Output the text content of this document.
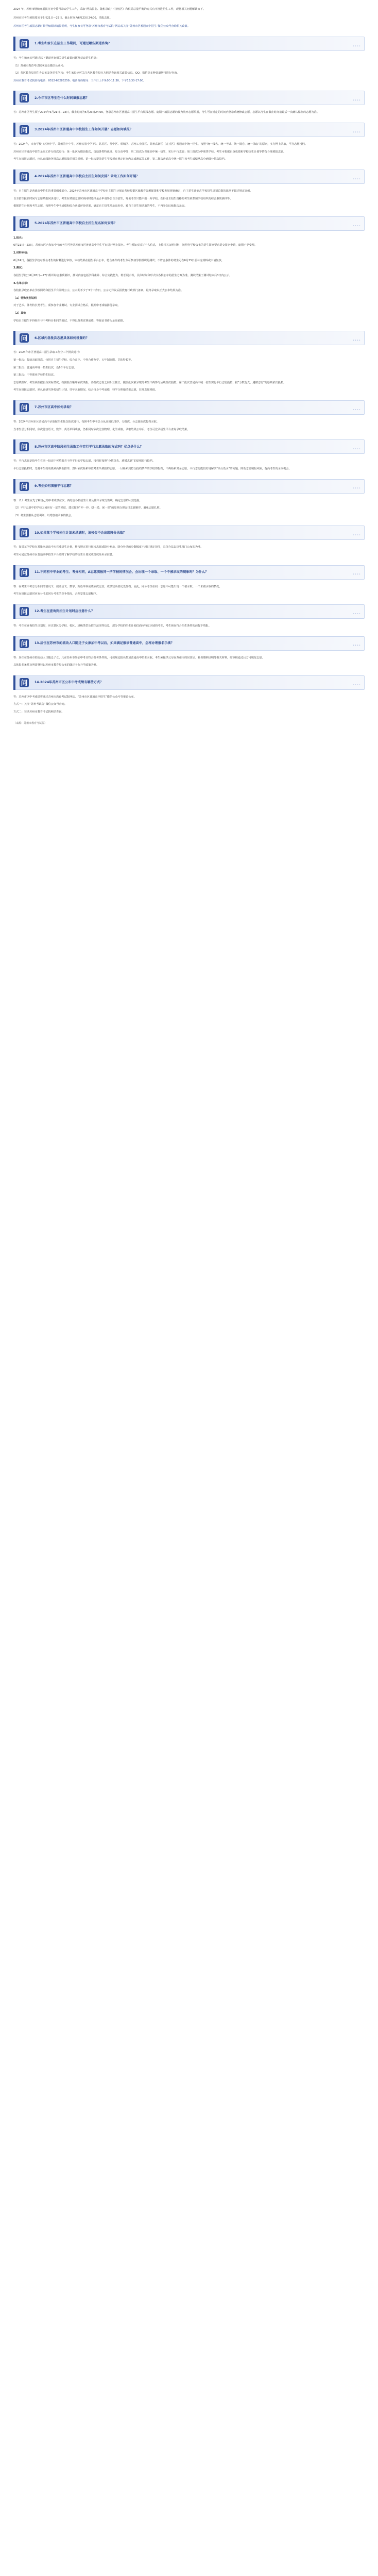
2024 年，苏州市继续开展民办初中摇号录取学生工作，采取“两次报名、随机录取”（含校区）和供需总量平衡的方式有序推进招生工作，现将相关问题解读如下。

苏州市区考生须按要求于6月21日—23日，截止时间为6月23日24:00，填报志愿。

苏州市区考生填报志愿时须仔细阅读填报说明，考生和家长可登录“苏州市教育考试院”网站或关注“苏州市区普通高中招生”微信公众号查询相关政策。

问 1.考生和家长在招生工作期间，可通过哪些渠道咨询？
••••

答：考生和家长可通过以下渠道咨询相关招生政策问题及获取招生信息：

（1）苏州市教育考试院网站及微信公众号；

（2）各区教育局招生办公室及各招生学校；考生家长也可关注各区教育局官方网站查询相关政策信息。QQ、微信等多种渠道均可进行咨询。

苏州市教育考试院咨询电话：0512-68285259；电话咨询时间：工作日上午9:00-11:30，下午13:30-17:00。

问 2.今年市区考生在什么时间填报志愿？
••••

答：苏州市区考生须于2024年6月21日—23日，截止时间为6月23日24:00，登录苏州市区普通高中招生平台填报志愿。逾期不填报志愿的视为放弃志愿填报，考生可在规定的时间内登录系统修改志愿，志愿以考生在截止时间前最后一次确认保存的志愿为准。

问 3.2024年苏州市区普通高中学校招生工作如何开展？志愿如何填报？
••••

答：2024年，市直学校（苏州中学、苏州第十中学、苏州实验中学等）、姑苏区、吴中区、相城区、苏州工业园区、苏州高新区（虎丘区）普通高中统一招生，按照“统一报名、统一考试、统一阅卷、统一录取”的原则，实行网上录取，平行志愿投档。

苏州市区普通高中招生录取工作分批次进行：第一批次为提前批次，包括各类特色班、综合高中等；第二批次为普通高中统一招生，实行平行志愿；第三批次为中职类学校。考生可根据自身成绩和学校招生计划等情况合理填报志愿。

考生在填报志愿时，应认真阅读各批次志愿填报的相关说明。第一批次提前招生学校须在规定时间内完成测试等工作，第二批次普通高中统一招生按考生成绩从高分到低分依次投档。

问 4.2024年苏州市区普通高中学校自主招生如何安排？录取工作如何开展？
••••

答：自主招生是普通高中招生的重要组成部分。2024年苏州市区普通高中学校自主招生计划由各校根据区域教育资源配置和学校发展规划确定，自主招生计划占学校招生计划总数的比例不超过规定比例。

自主招生报名时间与志愿填报同步进行，考生在填报志愿时须同时选择是否申请参加自主招生，每名考生只能申报一所学校。获得自主招生资格的考生须参加学校组织的综合素质测评等。

根据招生计划和考生志愿，按照考生中考成绩和综合素质评价结果，确定自主招生预录取名单。被自主招生预录取的考生，不再参加后续批次录取。

问 5.2024年苏州市区普通高中学校自主招生报名如何安排？
••••

1.报名：

6月21日—23日，苏州市区内参加中考的考生可登录苏州市区普通高中招生平台进行网上报名。考生须如实填写个人信息，上传相关证明材料，按照各学校公布的招生简章要求提交报名申请，逾期不予受理。

2.材料审核：

6月24日，各招生学校对报名考生的材料进行审核，审核结果在招生平台公布。符合条件的考生方可参加学校组织的测试；不符合条件的考生可在6月25日前补充材料或申请复核。

3.测试：

各招生学校于6月26日—27日组织综合素质测评，测试内容包括学科素养、综合实践能力、特长展示等，具体时间和形式以各校公布的招生方案为准。测试结果于测试结束后3日内公示。

4.名单公示：

各校拟录取名单在学校网站和招生平台同时公示，公示期不少于3个工作日。公示无异议后报教育行政部门备案，最终录取以正式公布结果为准。

（1）特殊类别说明

对于艺术、体育特长类考生，须参加专业测试，专业测试合格后，根据中考成绩择优录取。

（2）其他

学校自主招生不得组织与中考科目相同的笔试，不得以各类竞赛成绩、等级证书作为录取依据。

问 6.区域内各批次志愿具体如何设置的？
••••

答：2024年市区普通高中招生录取工作分三个批次进行：

第一批次：提前录取批次，包括自主招生学校、综合高中、中外合作办学、五年制高职、艺体特长等。

第二批次：普通高中统一招生批次，设6个平行志愿。

第三批次：中等职业学校招生批次。

志愿填报时，考生须根据自身实际情况，按照批次顺序依次填报，各批次志愿之间相互独立。提前批次被录取的考生不再参与后续批次投档。第二批次普通高中统一招生实行平行志愿投档，按“分数优先、遵循志愿”的原则依次投档。

考生在填报志愿时，须认真研究各校招生计划、往年录取情况，结合自身中考成绩，科学合理地填报志愿，拉开志愿梯度。

问 7.苏州市区高中如何录取？
••••

答：2024年苏州市区普通高中录取按招生批次依次进行，按照考生中考总分从高到低排序，分批次、分志愿依次投档录取。

当考生总分相同时，依次比较语文、数学、英语单科成绩，仍相同时依次比较物理、化学成绩。录取结果公布后，考生可登录招生平台查询录取结果。

问 8.苏州市区高中阶段招生录取工作实行平行志愿录取的方式吗？优点是什么？
••••

答：平行志愿是指考生在同一批次中可填报若干所平行的学校志愿，投档时按照“分数优先、遵循志愿”的原则进行投档。

平行志愿投档时，先将考生按成绩从高到低排序，然后依次检索每位考生所填报的志愿，一旦检索到符合投档条件的学校即投档，不再检索其余志愿。平行志愿能较好地解决“高分低录”的问题，降低志愿填报风险，提高考生的录取机会。

问 9.考生如何填报平行志愿？
••••

答：（1）考生应先了解自己的中考成绩位次，再结合各校招生计划及往年录取分数线，确定志愿的大致范围。

（2）平行志愿中的学校之间应有一定的梯度，建议按照“冲一冲、稳一稳、保一保”的原则合理安排志愿顺序，避免志愿扎堆。

（3）考生要服从志愿调剂，以增加被录取的机会。

问 10.如果某个学校招生计划未录满时，该校会不会出现降分录取？
••••

答：如果某所学校在某批次录取中未完成招生计划，将按规定进行征求志愿或降分补录，降分补录的分数幅度不超过规定范围，具体办法以招生部门公布的为准。

考生可通过苏州市区普通高中招生平台及时了解学校的招生计划完成情况及补录信息。

问 11.不同初中毕业的考生、考分相同，A志愿填报同一所学校的情况会、会出现一个录取、一个不被录取的现象吗？为什么？
••••

答：在考生中考总分相同的情况下，按照语文、数学、英语单科成绩依次比较，成绩较高者优先投档。因此，同分考生在同一志愿中可能出现一个被录取、一个未被录取的情况。

考生在填报志愿时应充分考虑同分考生的竞争情况，合理安排志愿顺序。

问 12.考生在查询到招生计划时应注意什么？
••••

答：考生在查询招生计划时，应注意区分学校、校区、班级类型及招生范围等信息，部分学校的招生计划仅面向特定区域的考生，考生须在符合招生条件的前提下填报。

问 13.居住在苏州市的流动人口随迁子女参加中考以后，如果满足报读普通高中，怎样办理报名手续？
••••

答：居住在苏州市的流动人口随迁子女，凡在苏州市参加中考且符合报考条件的，可按规定报名参加普通高中招生录取。考生须提供父母在苏州市的居住证、社保缴纳证明等相关材料，经审核通过后方可填报志愿。

具体报名条件及所需材料以苏州市教育局公布的随迁子女升学政策为准。

问 14.2024年苏州市区公布中考成绩有哪些方式？
••••

答：苏州市区中考成绩将通过苏州市教育考试院网站、“苏州市区普通高中招生”微信公众号等渠道公布。

方式一：关注“苏州考试院”微信公众号查询。

方式二：登录苏州市教育考试院网站查询。

（来源：苏州市教育考试院）
